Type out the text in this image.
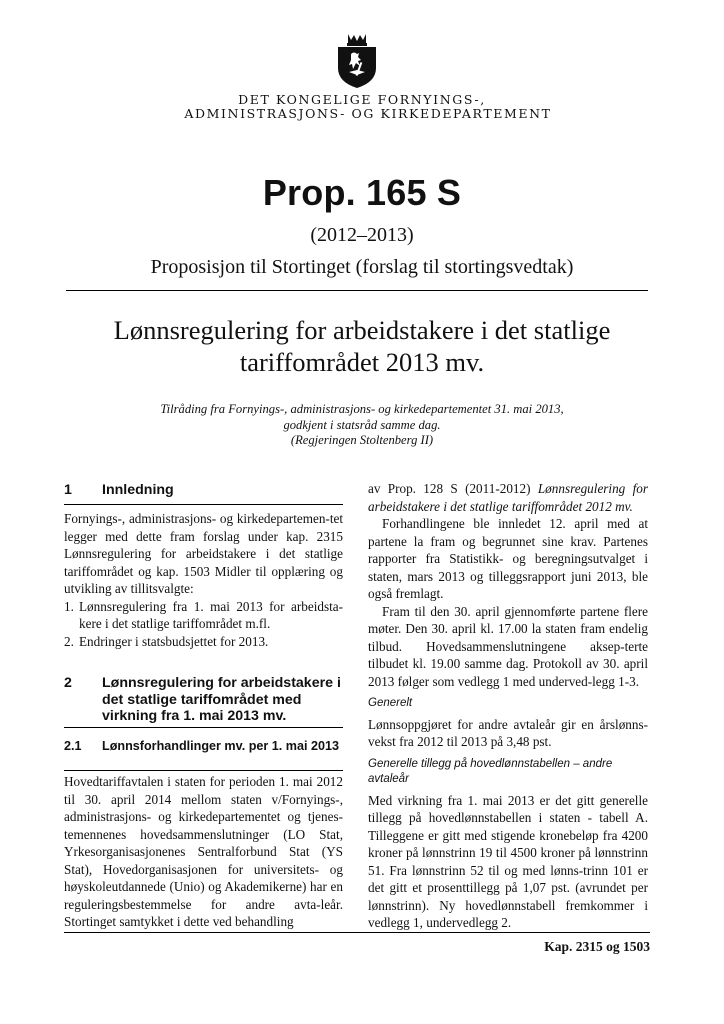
DET KONGELIGE FORNYINGS-,
ADMINISTRASJONS- OG KIRKEDEPARTEMENT
Prop. 165 S
(2012–2013)
Proposisjon til Stortinget (forslag til stortingsvedtak)
Lønnsregulering for arbeidstakere i det statlige tariffområdet 2013 mv.
Tilråding fra Fornyings-, administrasjons- og kirkedepartementet 31. mai 2013,
godkjent i statsråd samme dag.
(Regjeringen Stoltenberg II)
1	Innledning

Fornyings-, administrasjons- og kirkedepartemen-tet legger med dette fram forslag under kap. 2315 Lønnsregulering for arbeidstakere i det statlige tariffområdet og kap. 1503 Midler til opplæring og utvikling av tillitsvalgte:

1. Lønnsregulering fra 1. mai 2013 for arbeidsta-kere i det statlige tariffområdet m.fl.
2. Endringer i statsbudsjettet for 2013.
2	Lønnsregulering for arbeidstakere i det statlige tariffområdet med virkning fra 1. mai 2013 mv.
2.1	Lønnsforhandlinger mv. per 1. mai 2013

Hovedtariffavtalen i staten for perioden 1. mai 2012 til 30. april 2014 mellom staten v/Fornyings-, administrasjons- og kirkedepartementet og tjenes-temennenes hovedsammenslutninger (LO Stat, Yrkesorganisasjonenes Sentralforbund Stat (YS Stat), Hovedorganisasjonen for universitets- og høyskoleutdannede (Unio) og Akademikerne) har en reguleringsbestemmelse for andre avta-leår. Stortinget samtykket i dette ved behandling

av Prop. 128 S (2011-2012) Lønnsregulering for arbeidstakere i det statlige tariffområdet 2012 mv.

Forhandlingene ble innledet 12. april med at partene la fram og begrunnet sine krav. Partenes rapporter fra Statistikk- og beregningsutvalget i staten, mars 2013 og tilleggsrapport juni 2013, ble også fremlagt.

Fram til den 30. april gjennomførte partene flere møter. Den 30. april kl. 17.00 la staten fram endelig tilbud. Hovedsammenslutningene aksep-terte tilbudet kl. 19.00 samme dag. Protokoll av 30. april 2013 følger som vedlegg 1 med underved-legg 1-3.

Generelt

Lønnsoppgjøret for andre avtaleår gir en årslønns-vekst fra 2012 til 2013 på 3,48 pst.

Generelle tillegg på hovedlønnstabellen – andre avtaleår

Med virkning fra 1. mai 2013 er det gitt generelle tillegg på hovedlønnstabellen i staten - tabell A. Tilleggene er gitt med stigende kronebeløp fra 4200 kroner på lønnstrinn 19 til 4500 kroner på lønnstrinn 51. Fra lønnstrinn 52 til og med lønns-trinn 101 er det gitt et prosenttillegg på 1,07 pst. (avrundet per lønnstrinn). Ny hovedlønnstabell fremkommer i vedlegg 1, undervedlegg 2.

Kap. 2315 og 1503
